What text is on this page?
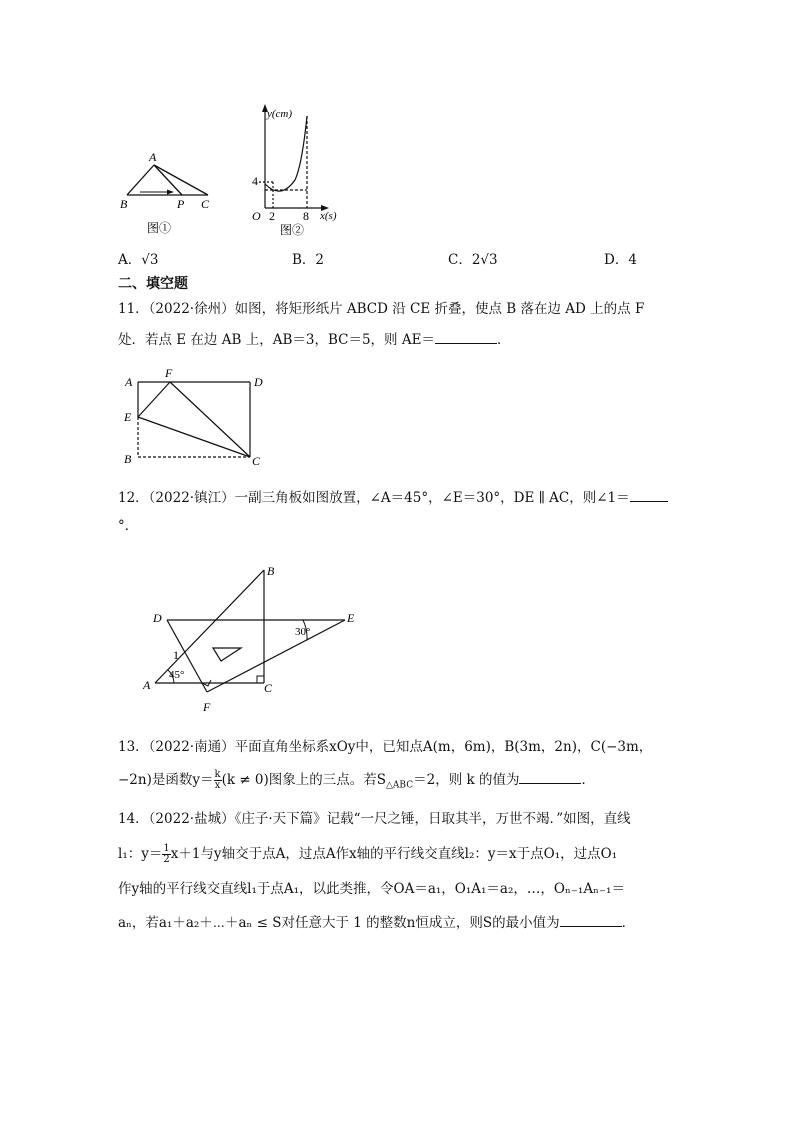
A
B	P C
图①
y(cm)
x(s)
O
4
2 8
图②
A．√3	B．2	C．2√3	D．4
二、填空题
11．（2022·徐州）如图，将矩形纸片 ABCD 沿 CE 折叠，使点 B 落在边 AD 上的点 F
处．若点 E 在边 AB 上，AB＝3，BC＝5，则 AE＝	．
A
F
D
E
B	C
12．（2022·镇江）一副三角板如图放置，∠A＝45°，∠E＝30°，DE ∥ AC，则∠1＝
°．
B
D	E
A	C
F
1
45°
30°
13．（2022·南通）平面直角坐标系xOy中，已知点A(m，6m)，B(3m，2n)，C(−3m，
−2n)是函数$y= \frac{k}{x} (k \ne 0)$图象上的三点。若$S_{\triangle ABC}=2$，则 k 的值为	．
14．（2022·盐城）《庄子·天下篇》记载“一尺之锤，日取其半，万世不竭．”如图，直线
l₁：$y= \frac{1}{2} x+1$与y轴交于点A，过点A作x轴的平行线交直线l₂：y＝x于点O₁，过点O₁
作y轴的平行线交直线l₁于点A₁，以此类推，令OA＝a₁，O₁A₁＝a₂，…，Oₙ₋₁Aₙ₋₁＝
aₙ，若a₁＋a₂＋⋯＋aₙ ≤ S对任意大于 1 的整数n恒成立，则S的最小值为	．
